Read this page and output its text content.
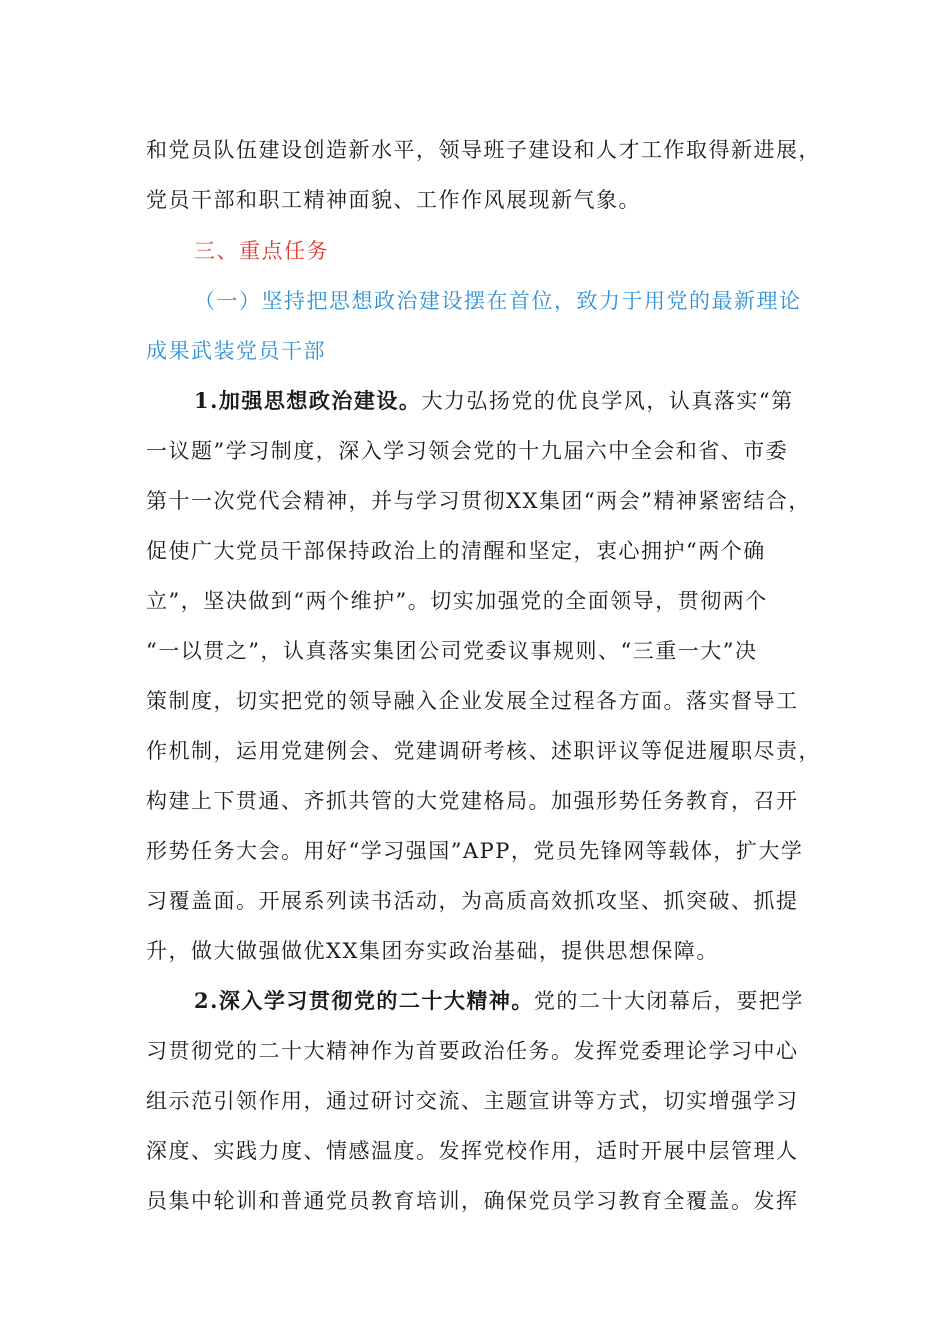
和党员队伍建设创造新水平，领导班子建设和人才工作取得新进展，
党员干部和职工精神面貌、工作作风展现新气象。
三、重点任务
（一）坚持把思想政治建设摆在首位，致力于用党的最新理论
成果武装党员干部
1.加强思想政治建设。大力弘扬党的优良学风，认真落实“第
一议题”学习制度，深入学习领会党的十九届六中全会和省、市委
第十一次党代会精神，并与学习贯彻XX集团“两会”精神紧密结合，
促使广大党员干部保持政治上的清醒和坚定，衷心拥护“两个确
立”，坚决做到“两个维护”。切实加强党的全面领导，贯彻两个
“一以贯之”，认真落实集团公司党委议事规则、“三重一大”决
策制度，切实把党的领导融入企业发展全过程各方面。落实督导工
作机制，运用党建例会、党建调研考核、述职评议等促进履职尽责，
构建上下贯通、齐抓共管的大党建格局。加强形势任务教育，召开
形势任务大会。用好“学习强国”APP，党员先锋网等载体，扩大学
习覆盖面。开展系列读书活动，为高质高效抓攻坚、抓突破、抓提
升，做大做强做优XX集团夯实政治基础，提供思想保障。
2.深入学习贯彻党的二十大精神。党的二十大闭幕后，要把学
习贯彻党的二十大精神作为首要政治任务。发挥党委理论学习中心
组示范引领作用，通过研讨交流、主题宣讲等方式，切实增强学习
深度、实践力度、情感温度。发挥党校作用，适时开展中层管理人
员集中轮训和普通党员教育培训，确保党员学习教育全覆盖。发挥
